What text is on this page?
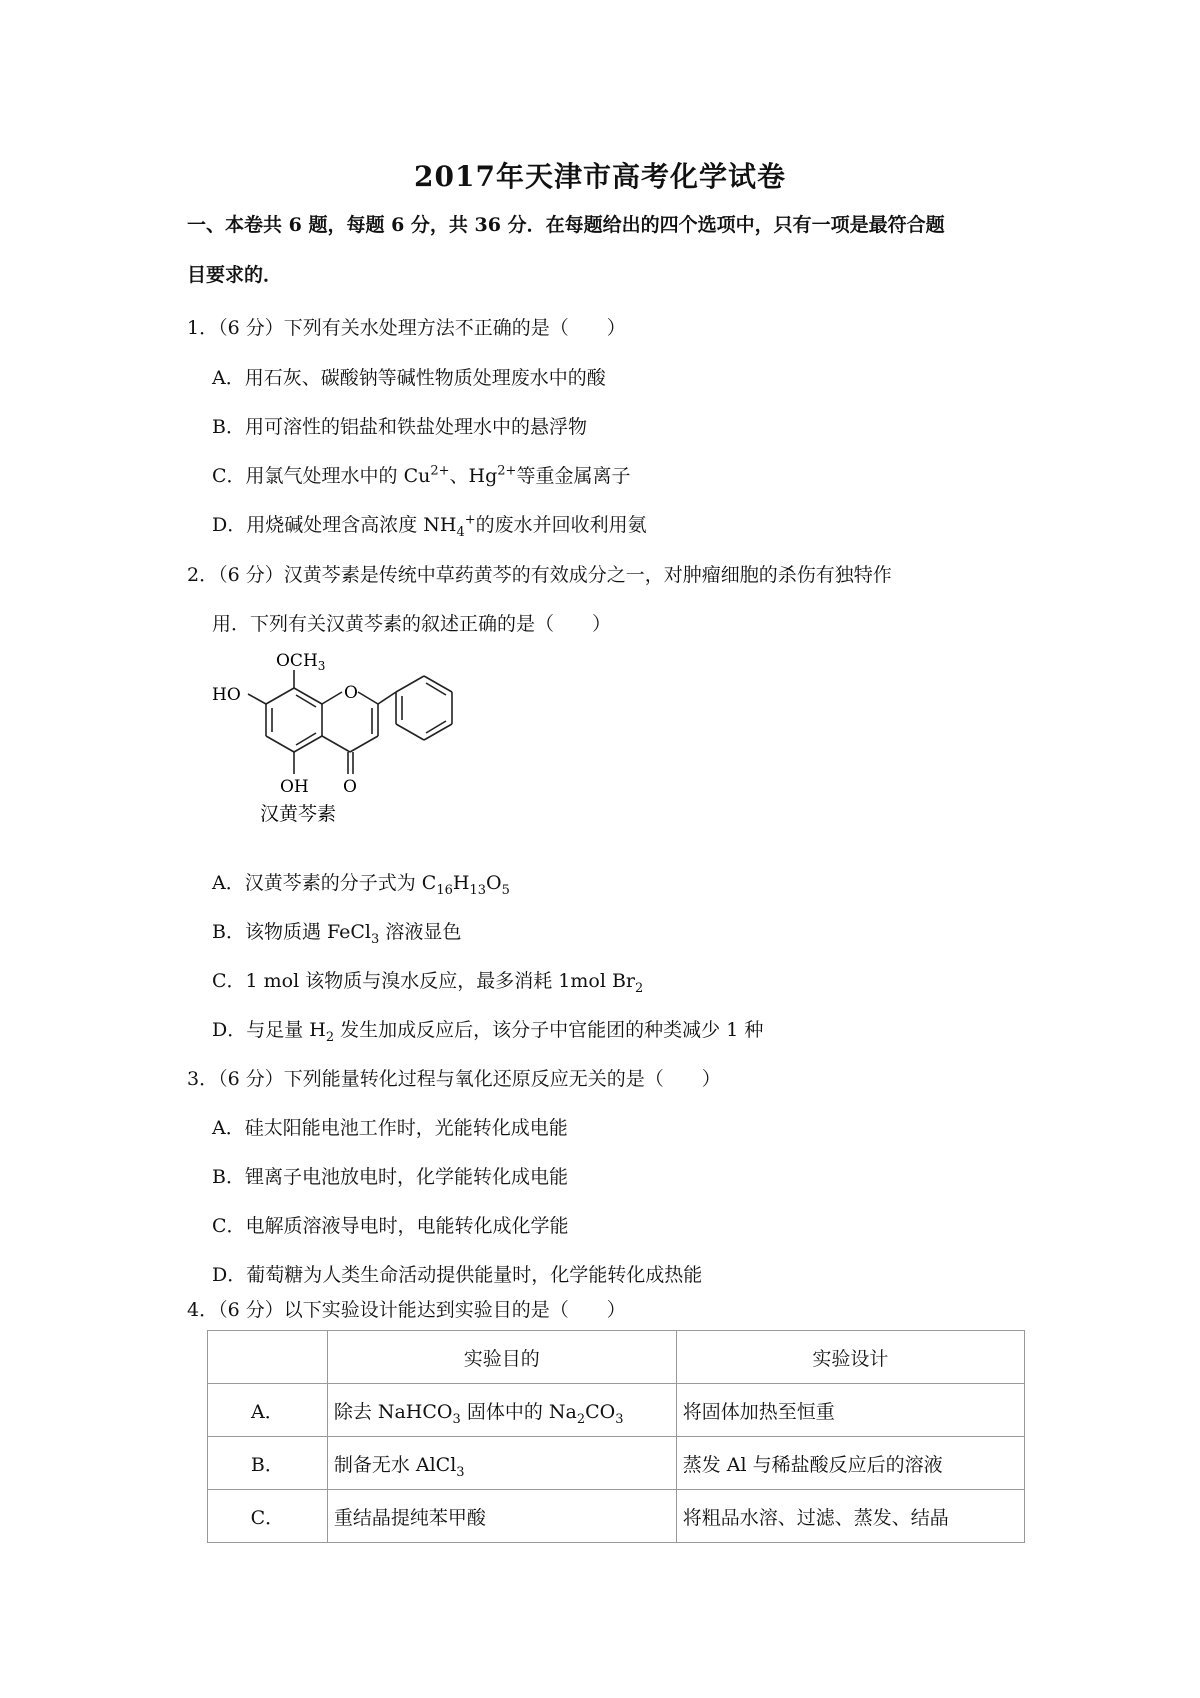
2017年天津市高考化学试卷
一、本卷共 6 题，每题 6 分，共 36 分．在每题给出的四个选项中，只有一项是最符合题
目要求的．
1．（6 分）下列有关水处理方法不正确的是（　　）
A．用石灰、碳酸钠等碱性物质处理废水中的酸
B．用可溶性的铝盐和铁盐处理水中的悬浮物
C．用氯气处理水中的 $Cu^{2+}$、$Hg^{2+}$等重金属离子
D．用烧碱处理含高浓度 $NH_4^+$的废水并回收利用氨
2．（6 分）汉黄芩素是传统中草药黄芩的有效成分之一，对肿瘤细胞的杀伤有独特作
用．下列有关汉黄芩素的叙述正确的是（　　）
$OCH_3$
HO	O
O
OH
汉黄芩素
A．汉黄芩素的分子式为 $C_{16}H_{13}O_5$
B．该物质遇 FeCl$_3$ 溶液显色
C．1 mol 该物质与溴水反应，最多消耗 1mol $Br_2$
D．与足量 $H_2$ 发生加成反应后，该分子中官能团的种类减少 1 种
3．（6 分）下列能量转化过程与氧化还原反应无关的是（　　）
A．硅太阳能电池工作时，光能转化成电能
B．锂离子电池放电时，化学能转化成电能
C．电解质溶液导电时，电能转化成化学能
D．葡萄糖为人类生命活动提供能量时，化学能转化成热能
4．（6 分）以下实验设计能达到实验目的是（　　）
	实验目的	实验设计
A．	除去 NaHCO$_3$ 固体中的 $Na_2CO_3$	将固体加热至恒重
B．	制备无水 AlCl$_3$	蒸发 Al 与稀盐酸反应后的溶液
C．	重结晶提纯苯甲酸	将粗品水溶、过滤、蒸发、结晶
